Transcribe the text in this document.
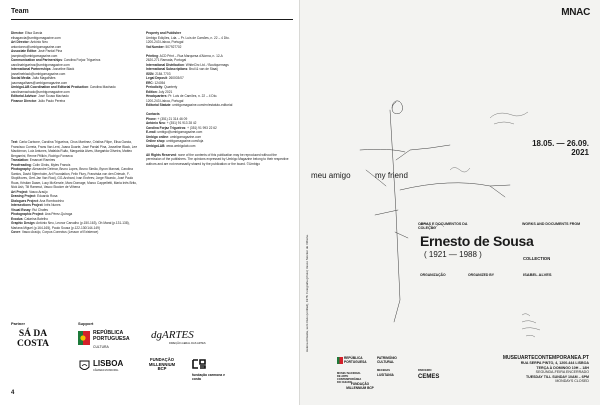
Team

Director: Elisa Garcia

elisagarcia@umbigomagazine.com

Art Director: António Neu

antonioneu@umbigomagazine.com

Associate Editor: José Pardal Pina

josepina@umbigomagazine.com

Communication and Partnerships: Carolina Forjaz Trigueiros

carolinatrigueiros@umbigomagazine.com

International Partnerships: Josseline Black

josselineblack@umbigomagazine.com

Social Media: João Magalhães

joaomagalhaes@umbigomagazine.com

UmbigoLAB Coordination and Editorial Production: Carolina Machado

carolinamachado@umbigomagazine.com

Editorial Advisor: José Sousa Machado

Finance Director: João Paulo Pereira

Text: Carla Carbone, Carolina Trigueiros, Chus Martínez, Cristina Filipe, Elisa Garcia, Francisco Correia, Frans Van Lent, Joana Duarte, José Pardal Pina, Josseline Black, Lee Mackinnon, Luiz Antunes, Mafalda Ruão, Margarida Alves, Margarida Oliveira, Matteo Bergamini, Renne Pitlikin, Rodrigo Fonseca

Translation: Emanuel Ramires

Proofreading: Colin Ginks, Myles Francis

Photography: Alexandre Delmar, Bruno Lopes, Bruno Simão, Byron Mannat, Carolina Santos, David Stjernholm, Art Foundation, Felix Flury, Franziska von den Driesch, F-StopMoves, Gert-Jan Van Rooij, GG-Archard, Ivan Erofeev, Jorge Ricardo, José Paulo Ruas, Kristian Daam, Lucy McKenzie, Marc Domage, Marco Cappelletti, Maria Inês Brito, Nick Ash, Till Rammut, Vasco Stocker de Vilhena

Art Project: Vasco Araújo

Drawing Project: Eduardo Rosa

Dialogues Project: Ana Rombocinho

Intersections Project: Inês Nunes

Visual Essay: Rui Chafes

Photographic Project: Ana Pérez-Quiroga

Exodus: Catarina Botelho

Graphic Design: António Neu, Leonor Carvalho (p.150-163), Oh Marai (p.131-138), Mariana Miguel (p.164-165), Paulo Sousa (p.122-130/144-149)

Cover: Vasco Araújo, Corpus Conectus (Lesson of Existence)

Property and Publisher

Umbigo Edições, Lda. – Pr. Luís de Camões, n. 22 – 4 Dto.

1200-243 Lisboa, Portugal

Vat Number: 507927702

Printing: ACD Print – Rua Marquesa d'Alorna, n. 12-A

2620-271 Ramada, Portugal

International Distribution: WhiteCirc Ltd. / Boutiquemags

International Subscriptions: Bruil & van de Staaij

ISSN: 2184-7703

Legal Deposit: 260003/07

ERC: 124054

Periodicity: Quarterly

Edition: July 2021

Headquarters: Pr. Luís de Camões, n. 22 – 4 Dto.

1200-243 Lisboa, Portugal

Editorial Statute: umbigomagazine.com/en/estatuto-editorial

Contacts

Phone: + (351) 21 314 46 09

António Neu: + (351) 91 913 28 42

Carolina Forjaz Trigueiros: + (351) 91 993 22 62

E-mail: umbigo@umbigomagazine.com

Umbigo online: umbigomagazine.com

Online shop: umbigomagazine.com/loja

UmbigoLAB: www.umbigolab.com

All Rights Reserved: none of the contents of this publication may be reproduced without the permission of the publishers. The opinions expressed by Umbigo Magazine belong to their respective authors and are not necessarily shared by the publication or the board. ©Umbigo

Partner	Support
SÁ DA COSTA
REPÚBLICA PORTUGUESA
CULTURA
dgARTES
DIREÇÃO-GERAL DAS ARTES
LISBOA
CÂMARA MUNICIPAL
FUNDAÇÃO MILLENNIUM BCP
fundação carmona e costa
4
MNAC
18.05. — 26.09.
2021
meu amigo	my friend
OBRAS E DOCUMENTOS DA COLEÇÃO
WORKS AND DOCUMENTS FROM
Ernesto de Sousa
( 1921 — 1988 )	COLLECTION
ORGANIZAÇÃO	ORGANIZED BY	ISABEL ALVES
Helena Almeida, sem título (untitled), 1978. Fotografia (photo) Vasco Stocker de Vilhena.
REPÚBLICA PORTUGUESA
PATRIMÓNIO CULTURAL
MUSEU NACIONAL DE ARTE CONTEMPORÂNEA DO CHIADO
MECENAS
LUSITANIA
FUNDAÇÃO MILLENNIUM BCP
PARCEIRO
CEMES
MUSEUARTECONTEMPORANEA.PT
RUA SERPA PINTO, 4, 1200-444 LISBOA
TERÇA À DOMINGO 10H – 18H
SEGUNDA-FEIRA ENCERRADO
TUESDAY TILL SUNDAY 10AM – 6PM
MONDAYS CLOSED
